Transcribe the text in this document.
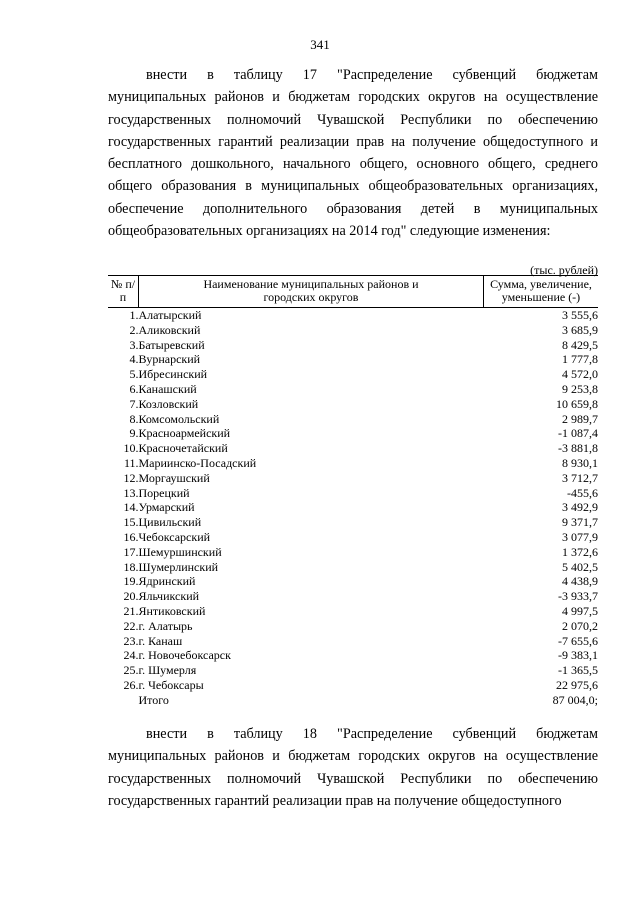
341
внести в таблицу 17 "Распределение субвенций бюджетам муниципальных районов и бюджетам городских округов на осуществление государственных полномочий Чувашской Республики по обеспечению государственных гарантий реализации прав на получение общедоступного и бесплатного дошкольного, начального общего, основного общего, среднего общего образования в муниципальных общеобразовательных организациях, обеспечение дополнительного образования детей в муниципальных общеобразовательных организациях на 2014 год" следующие изменения:
(тыс. рублей)
№ п/п	Наименование муниципальных районов и городских округов	Сумма, увеличение, уменьшение (-)
1.	Алатырский	3 555,6
2.	Аликовский	3 685,9
3.	Батыревский	8 429,5
4.	Вурнарский	1 777,8
5.	Ибресинский	4 572,0
6.	Канашский	9 253,8
7.	Козловский	10 659,8
8.	Комсомольский	2 989,7
9.	Красноармейский	-1 087,4
10.	Красночетайский	-3 881,8
11.	Мариинско-Посадский	8 930,1
12.	Моргаушский	3 712,7
13.	Порецкий	-455,6
14.	Урмарский	3 492,9
15.	Цивильский	9 371,7
16.	Чебоксарский	3 077,9
17.	Шемуршинский	1 372,6
18.	Шумерлинский	5 402,5
19.	Ядринский	4 438,9
20.	Яльчикский	-3 933,7
21.	Янтиковский	4 997,5
22.	г. Алатырь	2 070,2
23.	г. Канаш	-7 655,6
24.	г. Новочебоксарск	-9 383,1
25.	г. Шумерля	-1 365,5
26.	г. Чебоксары	22 975,6
	Итого	87 004,0;
внести в таблицу 18 "Распределение субвенций бюджетам муниципальных районов и бюджетам городских округов на осуществление государственных полномочий Чувашской Республики по обеспечению государственных гарантий реализации прав на получение общедоступного
